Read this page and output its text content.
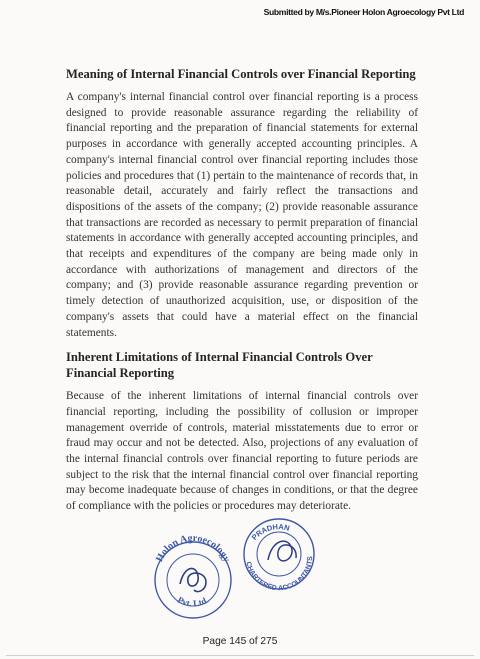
Submitted by M/s.Pioneer Holon Agroecology Pvt Ltd
Meaning of Internal Financial Controls over Financial Reporting

A company's internal financial control over financial reporting is a process designed to provide reasonable assurance regarding the reliability of financial reporting and the preparation of financial statements for external purposes in accordance with generally accepted accounting principles. A company's internal financial control over financial reporting includes those policies and procedures that (1) pertain to the maintenance of records that, in reasonable detail, accurately and fairly reflect the transactions and dispositions of the assets of the company; (2) provide reasonable assurance that transactions are recorded as necessary to permit preparation of financial statements in accordance with generally accepted accounting principles, and that receipts and expenditures of the company are being made only in accordance with authorizations of management and directors of the company; and (3) provide reasonable assurance regarding prevention or timely detection of unauthorized acquisition, use, or disposition of the company's assets that could have a material effect on the financial statements.

Inherent Limitations of Internal Financial Controls Over Financial Reporting

Because of the inherent limitations of internal financial controls over financial reporting, including the possibility of collusion or improper management override of controls, material misstatements due to error or fraud may occur and not be detected. Also, projections of any evaluation of the internal financial controls over financial reporting to future periods are subject to the risk that the internal financial control over financial reporting may become inadequate because of changes in conditions, or that the degree of compliance with the policies or procedures may deteriorate.

Holon Agroecology
Pvt. Ltd.
PRADHAN
CHARTERED ACCOUNTANTS
Page 145 of 275
